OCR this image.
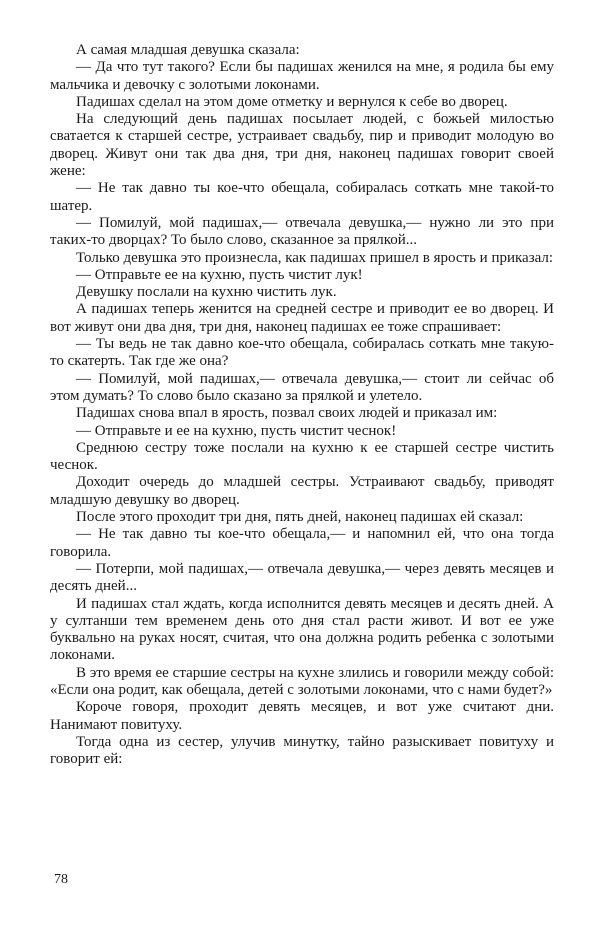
А самая младшая девушка сказала:

— Да что тут такого? Если бы падишах женился на мне, я родила бы ему мальчика и девочку с золотыми локонами.

Падишах сделал на этом доме отметку и вернулся к себе во дворец.

На следующий день падишах посылает людей, с божьей милостью сватается к старшей сестре, устраивает свадьбу, пир и приводит молодую во дворец. Живут они так два дня, три дня, наконец падишах говорит своей жене:

— Не так давно ты кое-что обещала, собиралась соткать мне такой-то шатер.

— Помилуй, мой падишах,— отвечала девушка,— нужно ли это при таких-то дворцах? То было слово, сказанное за прялкой...

Только девушка это произнесла, как падишах пришел в ярость и приказал:

— Отправьте ее на кухню, пусть чистит лук!

Девушку послали на кухню чистить лук.

А падишах теперь женится на средней сестре и приводит ее во дворец. И вот живут они два дня, три дня, наконец падишах ее тоже спрашивает:

— Ты ведь не так давно кое-что обещала, собиралась соткать мне такую-то скатерть. Так где же она?

— Помилуй, мой падишах,— отвечала девушка,— стоит ли сейчас об этом думать? То слово было сказано за прялкой и улетело.

Падишах снова впал в ярость, позвал своих людей и приказал им:

— Отправьте и ее на кухню, пусть чистит чеснок!

Среднюю сестру тоже послали на кухню к ее старшей сестре чистить чеснок.

Доходит очередь до младшей сестры. Устраивают свадьбу, приводят младшую девушку во дворец.

После этого проходит три дня, пять дней, наконец падишах ей сказал:

— Не так давно ты кое-что обещала,— и напомнил ей, что она тогда говорила.

— Потерпи, мой падишах,— отвечала девушка,— через девять месяцев и десять дней...

И падишах стал ждать, когда исполнится девять месяцев и десять дней. А у султанши тем временем день ото дня стал расти живот. И вот ее уже буквально на руках носят, считая, что она должна родить ребенка с золотыми локонами.

В это время ее старшие сестры на кухне злились и говорили между собой: «Если она родит, как обещала, детей с золотыми локонами, что с нами будет?»

Короче говоря, проходит девять месяцев, и вот уже считают дни. Нанимают повитуху.

Тогда одна из сестер, улучив минутку, тайно разыскивает повитуху и говорит ей:

78
